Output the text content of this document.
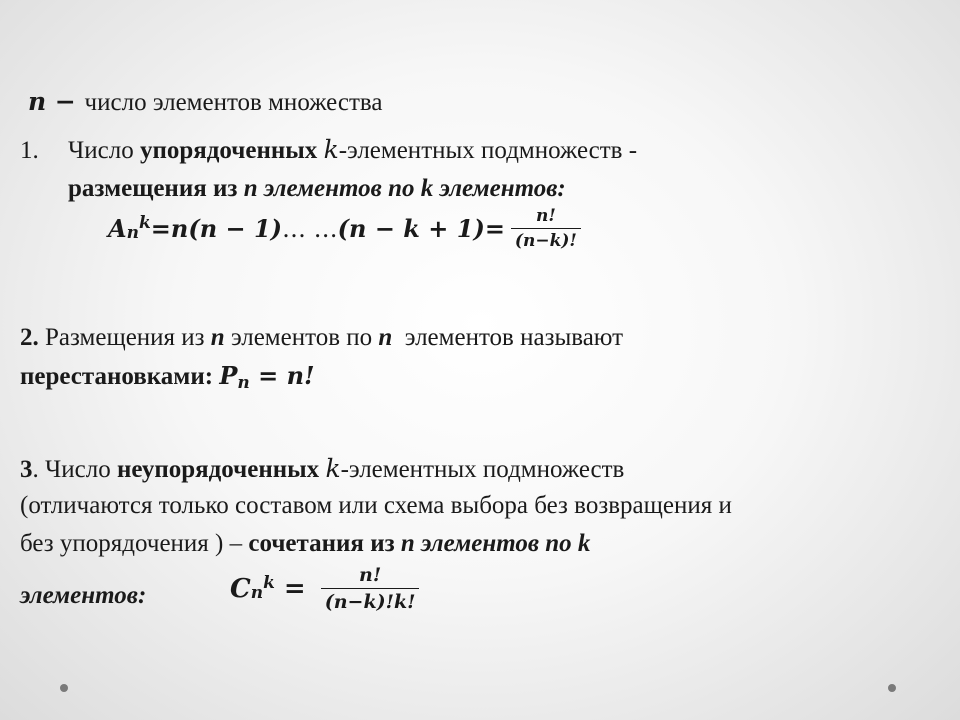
n − число элементов множества
1. Число упорядоченных k-элементных подмножеств -
размещения из n элементов по k элементов:
A n k = n(n − 1) … … $(n - k + 1) = \frac{n!}{(n-k)!}$
2. Размещения из n элементов по n  элементов называют
перестановками: P n = n!
3. Число неупорядоченных k-элементных подмножеств
(отличаются только составом или схема выбора без возвращения и
без упорядочения ) – сочетания из n элементов по k
элементов:	C n $k = \frac{n!}{(n-k)!k!}$
